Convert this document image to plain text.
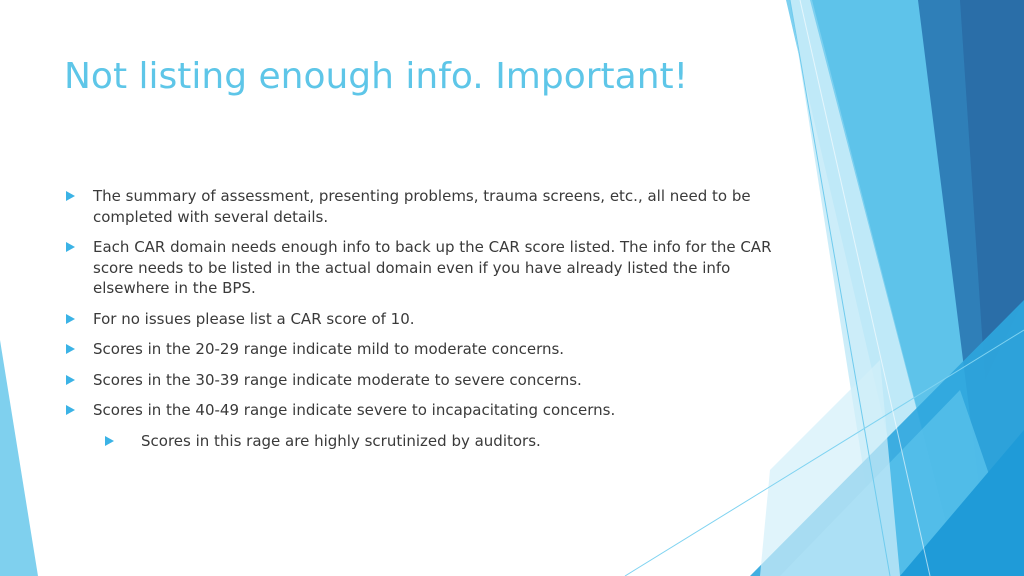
Not listing enough info. Important!
The summary of assessment, presenting problems, trauma screens, etc., all need to be completed with several details.
Each CAR domain needs enough info to back up the CAR score listed. The info for the CAR score needs to be listed in the actual domain even if you have already listed the info elsewhere in the BPS.
For no issues please list a CAR score of 10.
Scores in the 20-29 range indicate mild to moderate concerns.
Scores in the 30-39 range indicate moderate to severe concerns.
Scores in the 40-49 range indicate severe to incapacitating concerns.
Scores in this rage are highly scrutinized by auditors.
